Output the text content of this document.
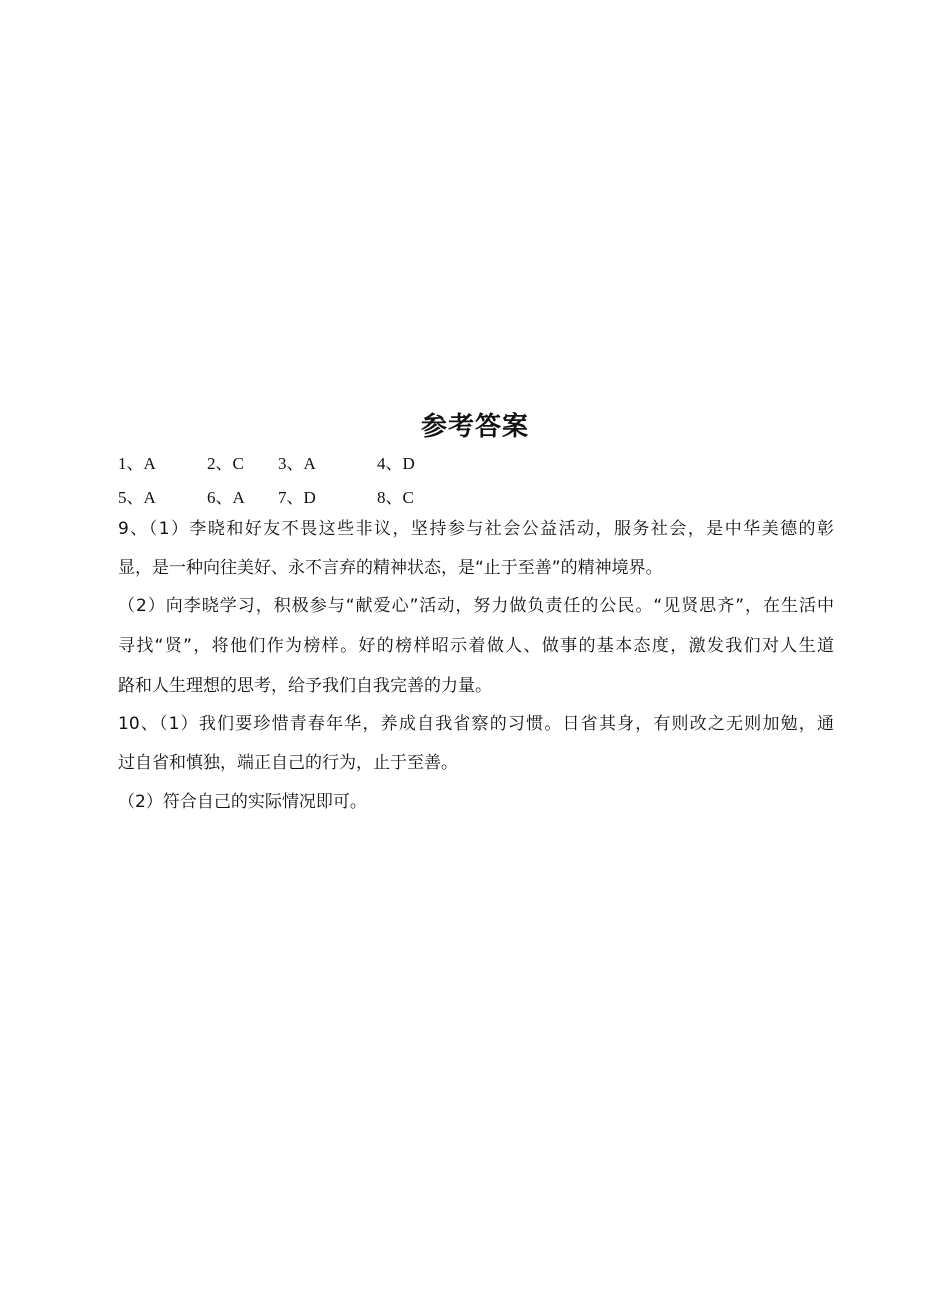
参考答案
1、A	2、C 3、A	4、D
5、A	6、A 7、D	8、C
9、（1）李晓和好友不畏这些非议，坚持参与社会公益活动，服务社会，是中华美德的彰
显，是一种向往美好、永不言弃的精神状态，是“止于至善”的精神境界。
（2）向李晓学习，积极参与“献爱心”活动，努力做负责任的公民。“见贤思齐”，在生活中
寻找“贤”，将他们作为榜样。好的榜样昭示着做人、做事的基本态度，激发我们对人生道
路和人生理想的思考，给予我们自我完善的力量。
10、（1）我们要珍惜青春年华，养成自我省察的习惯。日省其身，有则改之无则加勉，通
过自省和慎独，端正自己的行为，止于至善。
（2）符合自己的实际情况即可。
